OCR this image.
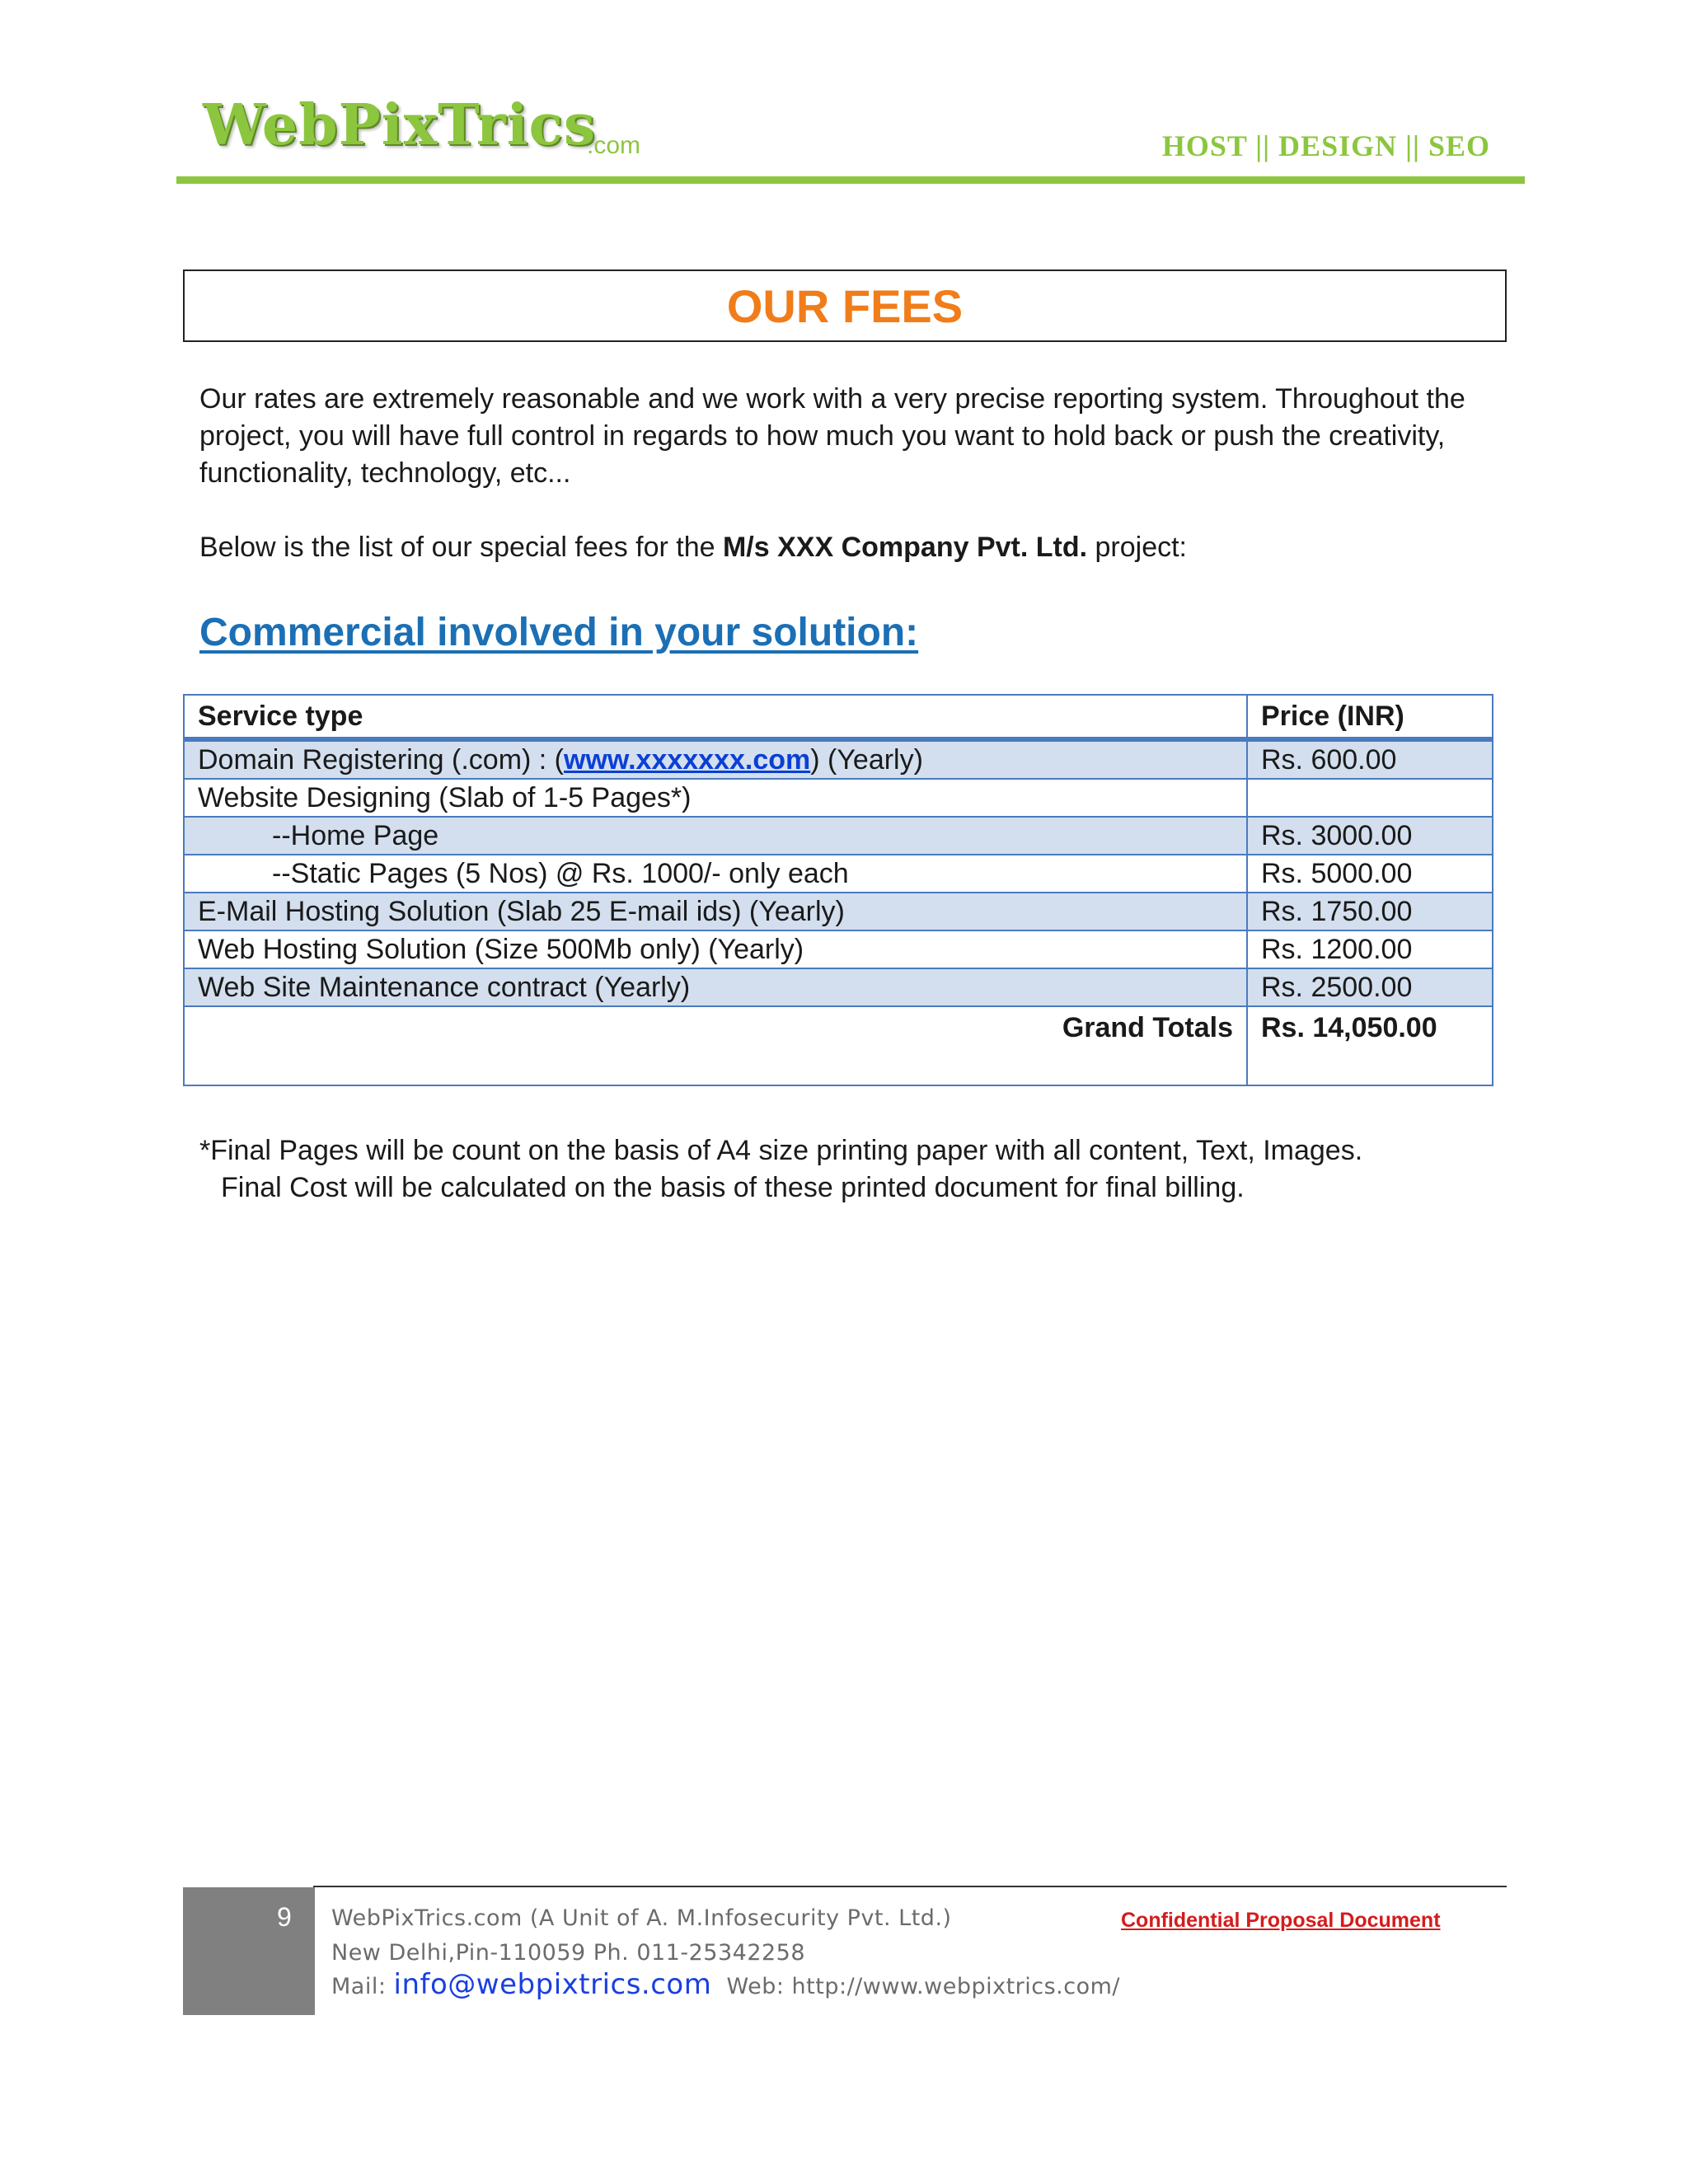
WebPixTrics
.com	HOST || DESIGN || SEO
OUR FEES
Our rates are extremely reasonable and we work with a very precise reporting system. Throughout the project, you will have full control in regards to how much you want to hold back or push the creativity, functionality, technology, etc...
Below is the list of our special fees for the M/s XXX Company Pvt. Ltd. project:
Commercial involved in your solution:
Service type	Price (INR)
Domain Registering (.com) : (www.xxxxxxx.com) (Yearly)	Rs. 600.00
Website Designing (Slab of 1-5 Pages*)	
--Home Page	Rs. 3000.00
--Static Pages (5 Nos) @ Rs. 1000/- only each	Rs. 5000.00
E-Mail Hosting Solution (Slab 25 E-mail ids) (Yearly)	Rs. 1750.00
Web Hosting Solution (Size 500Mb only) (Yearly)	Rs. 1200.00
Web Site Maintenance contract (Yearly)	Rs. 2500.00
Grand Totals	Rs. 14,050.00
*Final Pages will be count on the basis of A4 size printing paper with all content, Text, Images.
Final Cost will be calculated on the basis of these printed document for final billing.
9 WebPixTrics.com (A Unit of A. M.Infosecurity Pvt. Ltd.)
New Delhi,Pin-110059 Ph. 011-25342258
Mail: info@webpixtrics.com Web: http://www.webpixtrics.com/
Confidential Proposal Document
